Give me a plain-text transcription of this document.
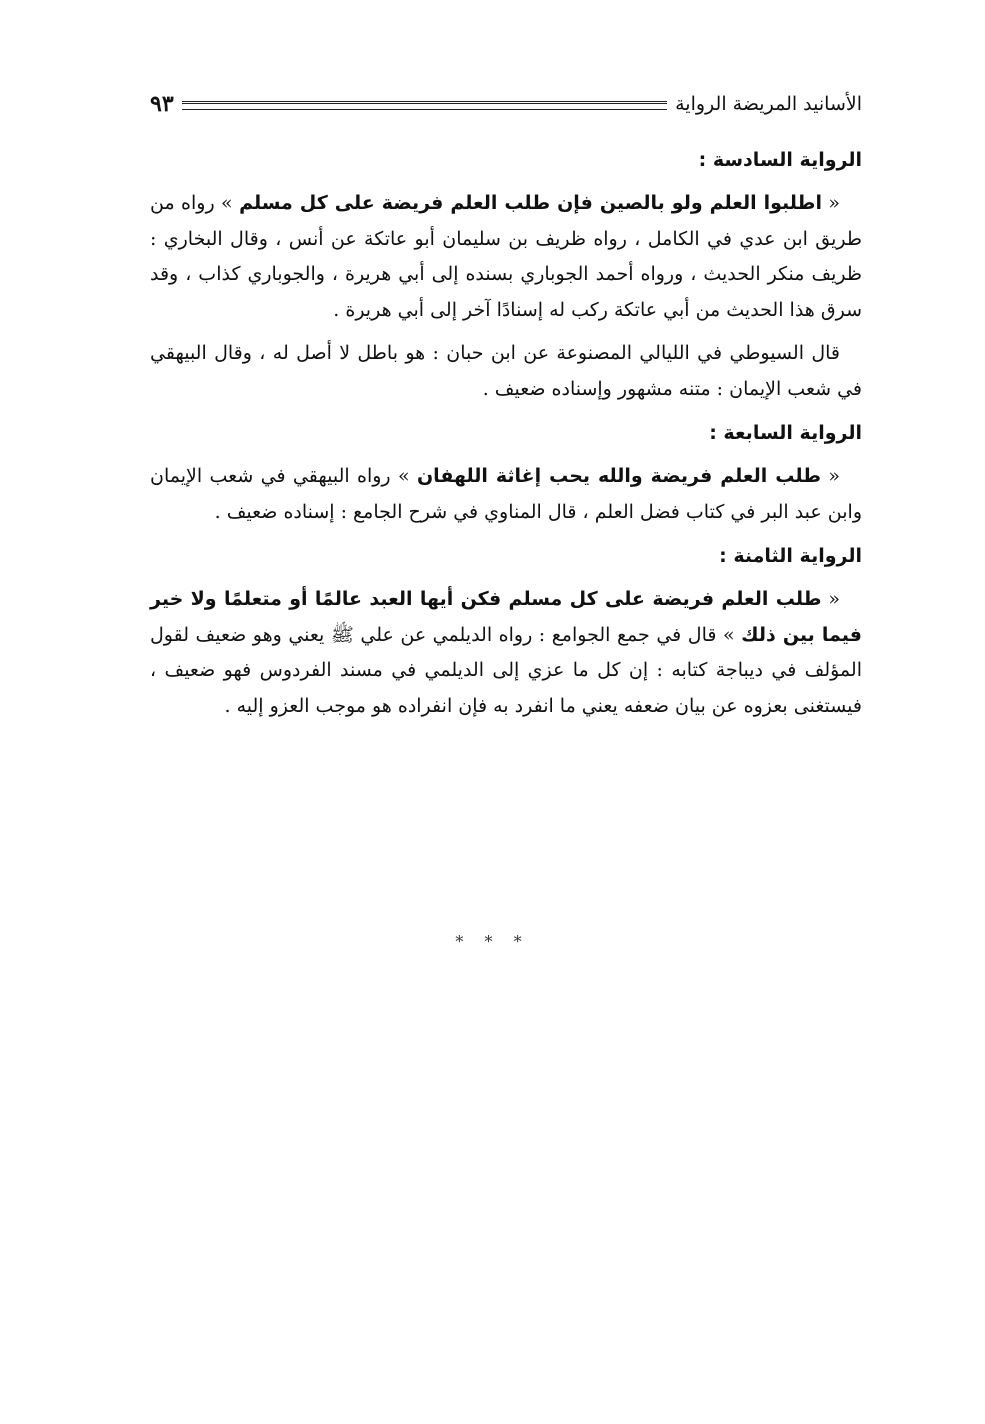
الأسانيد المريضة الرواية
٩٣
الرواية السادسة :

« اطلبوا العلم ولو بالصين فإن طلب العلم فريضة على كل مسلم » رواه من طريق ابن عدي في الكامل ، رواه ظريف بن سليمان أبو عاتكة عن أنس ، وقال البخاري : ظريف منكر الحديث ، ورواه أحمد الجوباري بسنده إلى أبي هريرة ، والجوباري كذاب ، وقد سرق هذا الحديث من أبي عاتكة ركب له إسنادًا آخر إلى أبي هريرة .

قال السيوطي في الليالي المصنوعة عن ابن حبان : هو باطل لا أصل له ، وقال البيهقي في شعب الإيمان : متنه مشهور وإسناده ضعيف .

الرواية السابعة :

« طلب العلم فريضة والله يحب إغاثة اللهفان » رواه البيهقي في شعب الإيمان وابن عبد البر في كتاب فضل العلم ، قال المناوي في شرح الجامع : إسناده ضعيف .

الرواية الثامنة :

« طلب العلم فريضة على كل مسلم فكن أيها العبد عالمًا أو متعلمًا ولا خير فيما بين ذلك » قال في جمع الجوامع : رواه الديلمي عن علي ﷺ يعني وهو ضعيف لقول المؤلف في ديباجة كتابه : إن كل ما عزي إلى الديلمي في مسند الفردوس فهو ضعيف ، فيستغنى بعزوه عن بيان ضعفه يعني ما انفرد به فإن انفراده هو موجب العزو إليه .

* * *
